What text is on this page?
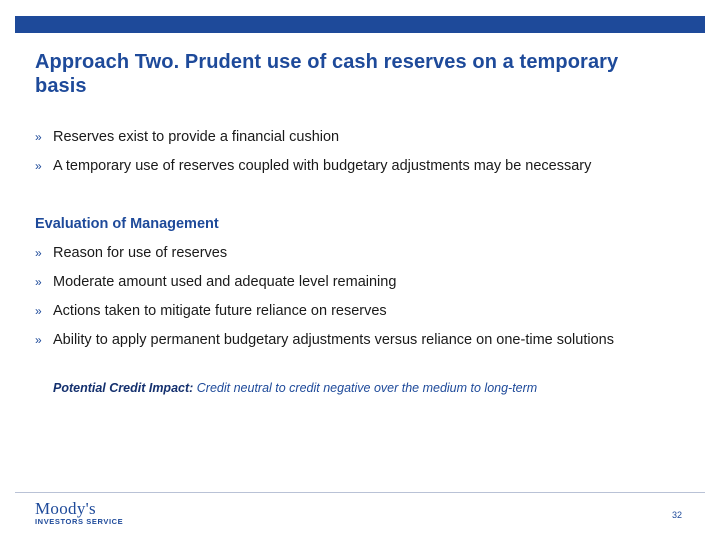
Approach Two. Prudent use of cash reserves on a temporary basis
» Reserves exist to provide a financial cushion
» A temporary use of reserves coupled with budgetary adjustments may be necessary
Evaluation of Management
» Reason for use of reserves
» Moderate amount used and adequate level remaining
» Actions taken to mitigate future reliance on reserves
» Ability to apply permanent budgetary adjustments versus reliance on one-time solutions

Potential Credit Impact: Credit neutral to credit negative over the medium to long-term

Moody's
INVESTORS SERVICE
32
